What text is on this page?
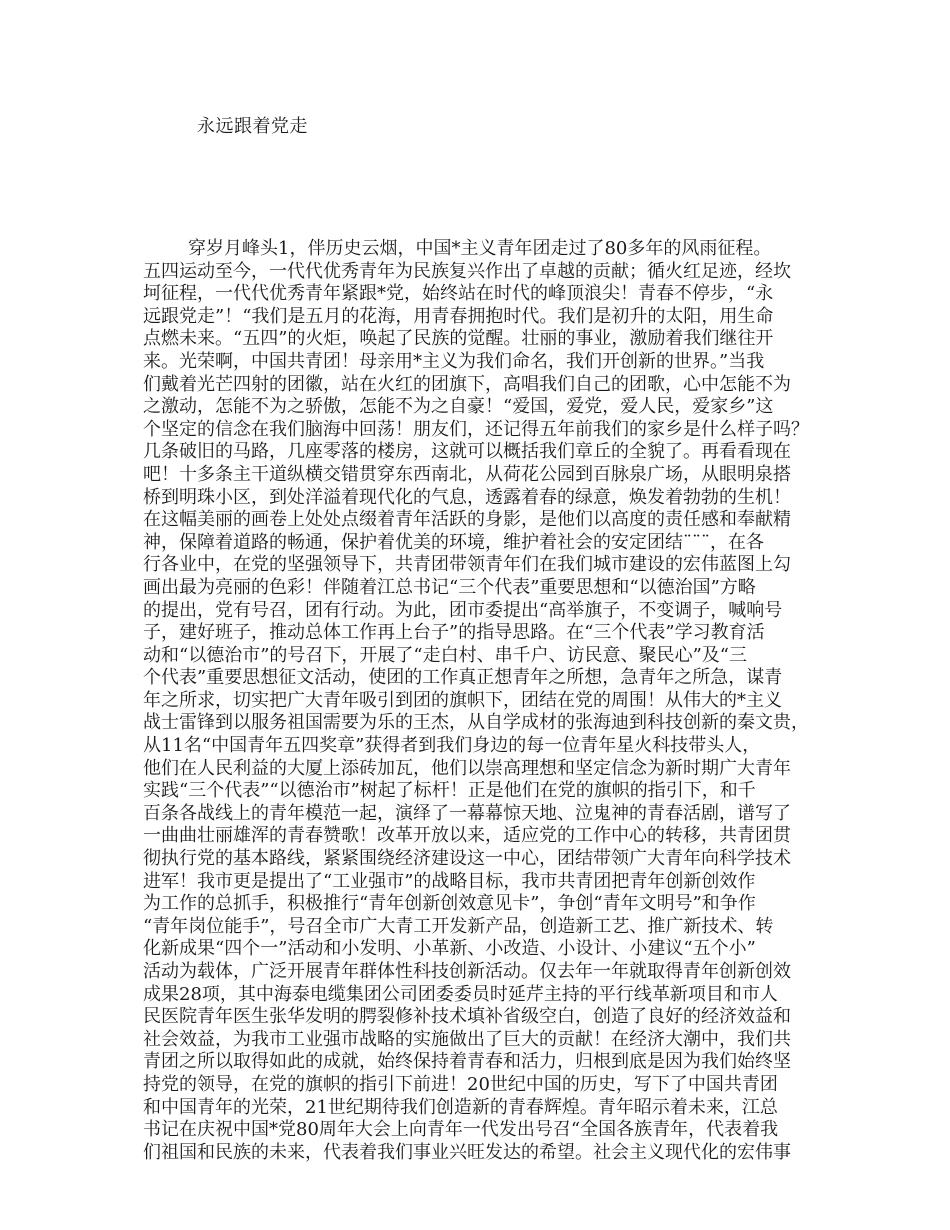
永远跟着党走
穿岁月峰头1，伴历史云烟，中国*主义青年团走过了80多年的风雨征程。
五四运动至今，一代代优秀青年为民族复兴作出了卓越的贡献；循火红足迹，经坎
坷征程，一代代优秀青年紧跟*党，始终站在时代的峰顶浪尖！青春不停步，“永
远跟党走”！“我们是五月的花海，用青春拥抱时代。我们是初升的太阳，用生命
点燃未来。“五四”的火炬，唤起了民族的觉醒。壮丽的事业，激励着我们继往开
来。光荣啊，中国共青团！母亲用*主义为我们命名，我们开创新的世界。”当我
们戴着光芒四射的团徽，站在火红的团旗下，高唱我们自己的团歌，心中怎能不为
之激动，怎能不为之骄傲，怎能不为之自豪！“爱国，爱党，爱人民，爱家乡”这
个坚定的信念在我们脑海中回荡！朋友们，还记得五年前我们的家乡是什么样子吗？
几条破旧的马路，几座零落的楼房，这就可以概括我们章丘的全貌了。再看看现在
吧！十多条主干道纵横交错贯穿东西南北，从荷花公园到百脉泉广场，从眼明泉搭
桥到明珠小区，到处洋溢着现代化的气息，透露着春的绿意，焕发着勃勃的生机！
在这幅美丽的画卷上处处点缀着青年活跃的身影，是他们以高度的责任感和奉献精
神，保障着道路的畅通，保护着优美的环境，维护着社会的安定团结¨¨¨，在各
行各业中，在党的坚强领导下，共青团带领青年们在我们城市建设的宏伟蓝图上勾
画出最为亮丽的色彩！伴随着江总书记“三个代表”重要思想和“以德治国”方略
的提出，党有号召，团有行动。为此，团市委提出“高举旗子，不变调子，喊响号
子，建好班子，推动总体工作再上台子”的指导思路。在“三个代表”学习教育活
动和“以德治市”的号召下，开展了“走白村、串千户、访民意、聚民心”及“三
个代表”重要思想征文活动，使团的工作真正想青年之所想，急青年之所急，谋青
年之所求，切实把广大青年吸引到团的旗帜下，团结在党的周围！从伟大的*主义
战士雷锋到以服务祖国需要为乐的王杰，从自学成材的张海迪到科技创新的秦文贵，
从11名“中国青年五四奖章”获得者到我们身边的每一位青年星火科技带头人，
他们在人民利益的大厦上添砖加瓦，他们以崇高理想和坚定信念为新时期广大青年
实践“三个代表”“以德治市”树起了标杆！正是他们在党的旗帜的指引下，和千
百条各战线上的青年模范一起，演绎了一幕幕惊天地、泣鬼神的青春活剧，谱写了
一曲曲壮丽雄浑的青春赞歌！改革开放以来，适应党的工作中心的转移，共青团贯
彻执行党的基本路线，紧紧围绕经济建设这一中心，团结带领广大青年向科学技术
进军！我市更是提出了“工业强市”的战略目标，我市共青团把青年创新创效作
为工作的总抓手，积极推行“青年创新创效意见卡”，争创“青年文明号”和争作
“青年岗位能手”，号召全市广大青工开发新产品，创造新工艺、推广新技术、转
化新成果“四个一”活动和小发明、小革新、小改造、小设计、小建议“五个小”
活动为载体，广泛开展青年群体性科技创新活动。仅去年一年就取得青年创新创效
成果28项，其中海泰电缆集团公司团委委员时延芹主持的平行线革新项目和市人
民医院青年医生张华发明的腭裂修补技术填补省级空白，创造了良好的经济效益和
社会效益，为我市工业强市战略的实施做出了巨大的贡献！在经济大潮中，我们共
青团之所以取得如此的成就，始终保持着青春和活力，归根到底是因为我们始终坚
持党的领导，在党的旗帜的指引下前进！20世纪中国的历史，写下了中国共青团
和中国青年的光荣，21世纪期待我们创造新的青春辉煌。青年昭示着未来，江总
书记在庆祝中国*党80周年大会上向青年一代发出号召“全国各族青年，代表着我
们祖国和民族的未来，代表着我们事业兴旺发达的希望。社会主义现代化的宏伟事
